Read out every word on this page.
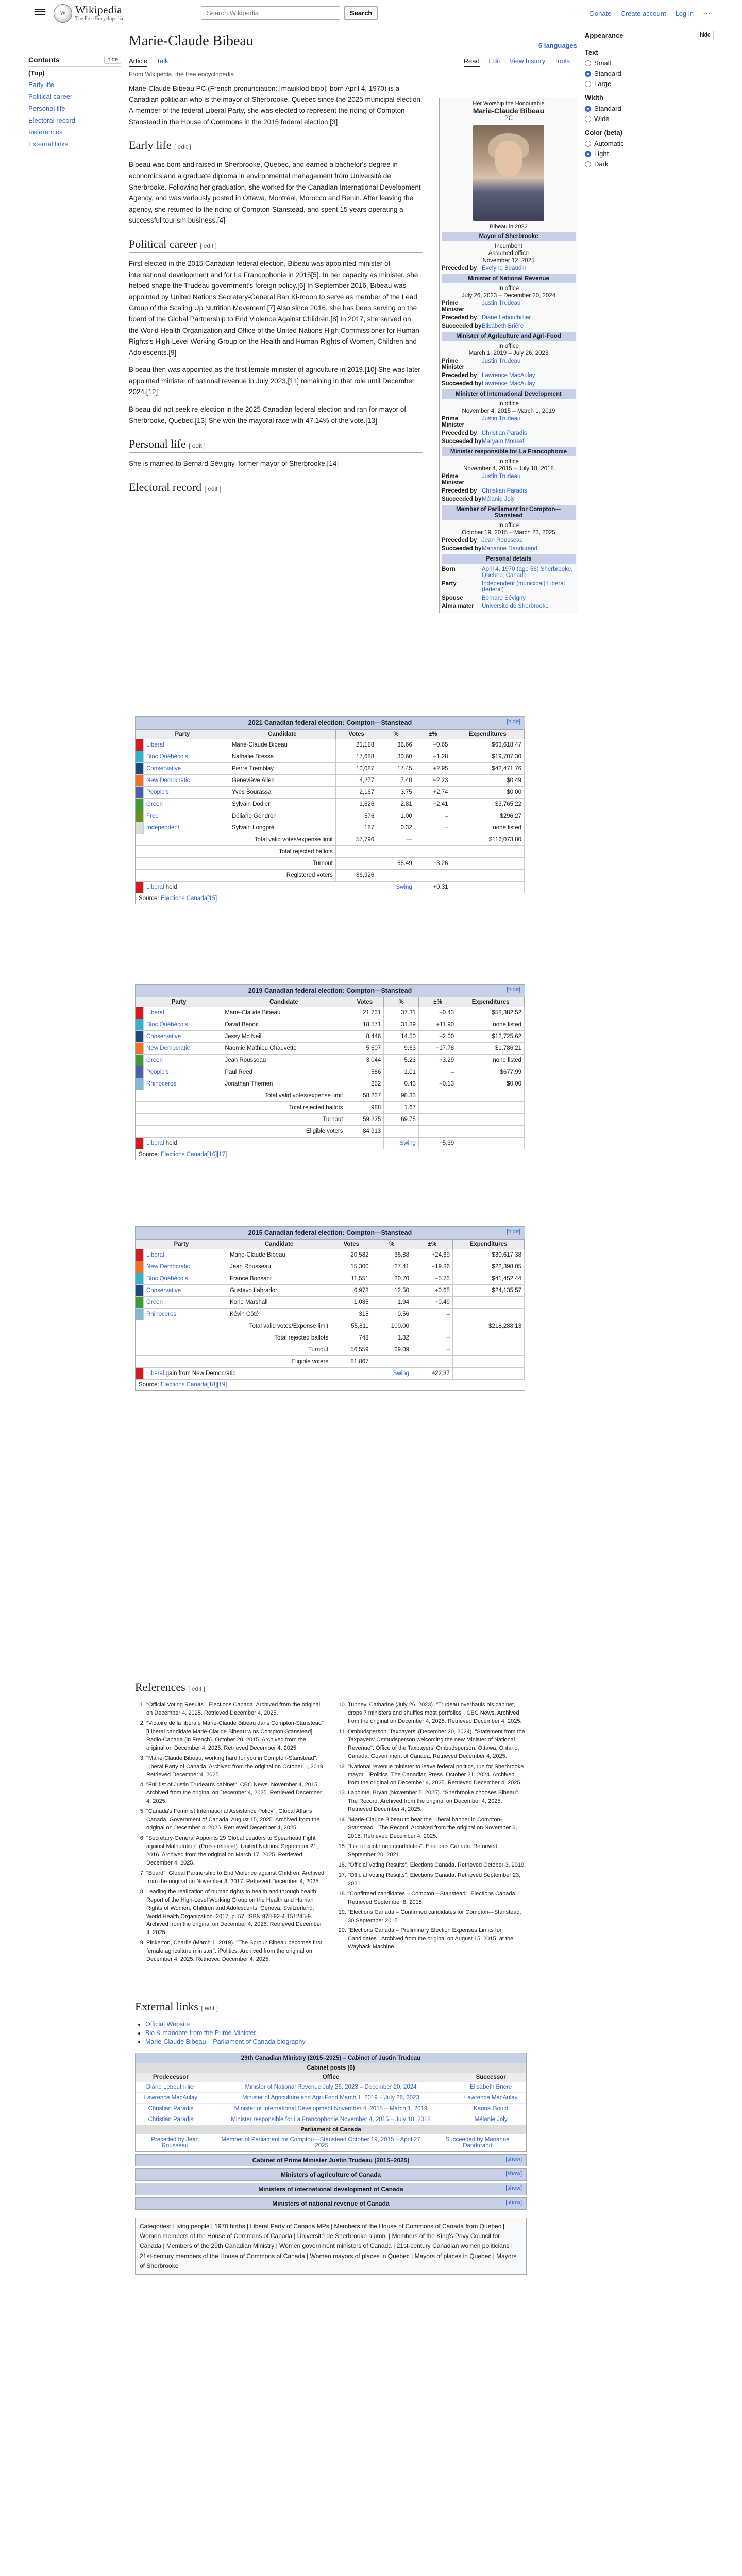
W Wikipedia
The Free Encyclopedia
Search Wikipedia
Search	Donate Create account Log in ⋯
Contents	hide
(Top)
Early life
Political career
Personal life
Electoral record
References
External links
Appearance	hide
Text
Small
Standard
Large
Width
Standard
Wide
Color (beta)
Automatic
Light
Dark
Marie-Claude Bibeau	5 languages
Article Talk	Read Edit View history Tools
From Wikipedia, the free encyclopedia

Marie-Claude Bibeau PC (French pronunciation: [maʁiklod bibo]; born April 4, 1970) is a Canadian politician who is the mayor of Sherbrooke, Quebec since the 2025 municipal election. A member of the federal Liberal Party, she was elected to represent the riding of Compton—Stanstead in the House of Commons in the 2015 federal election.[3]

Early life [ edit ]

Bibeau was born and raised in Sherbrooke, Quebec, and earned a bachelor's degree in economics and a graduate diploma in environmental management from Université de Sherbrooke. Following her graduation, she worked for the Canadian International Development Agency, and was variously posted in Ottawa, Montréal, Morocco and Benin. After leaving the agency, she returned to the riding of Compton-Stanstead, and spent 15 years operating a successful tourism business.[4]

Political career [ edit ]

First elected in the 2015 Canadian federal election, Bibeau was appointed minister of international development and for La Francophonie in 2015[5]. In her capacity as minister, she helped shape the Trudeau government's foreign policy.[6] In September 2016, Bibeau was appointed by United Nations Secretary-General Ban Ki-moon to serve as member of the Lead Group of the Scaling Up Nutrition Movement.[7] Also since 2016, she has been serving on the board of the Global Partnership to End Violence Against Children.[8] In 2017, she served on the World Health Organization and Office of the United Nations High Commissioner for Human Rights's High-Level Working Group on the Health and Human Rights of Women, Children and Adolescents.[9]

Bibeau then was appointed as the first female minister of agriculture in 2019.[10] She was later appointed minister of national revenue in July 2023,[11] remaining in that role until December 2024.[12]

Bibeau did not seek re-election in the 2025 Canadian federal election and ran for mayor of Sherbrooke, Quebec.[13] She won the mayoral race with 47.14% of the vote.[13]

Personal life [ edit ]

She is married to Bernard Sévigny, former mayor of Sherbrooke.[14]

Electoral record [ edit ]
Her Worship the Honourable
Marie-Claude Bibeau
PC
Bibeau in 2022
Mayor of Sherbrooke
Incumbent
Assumed office
November 12, 2025
Preceded by Évelyne Beaudin
Minister of National Revenue
In office
July 26, 2023 – December 20, 2024
Prime Minister
Justin Trudeau
Preceded by Diane Lebouthillier
Succeeded by Elisabeth Brière
Minister of Agriculture and Agri-Food
In office
March 1, 2019 – July 26, 2023
Prime Minister
Justin Trudeau
Preceded by Lawrence MacAulay
Succeeded by Lawrence MacAulay
Minister of International Development
In office
November 4, 2015 – March 1, 2019
Prime Minister
Justin Trudeau
Preceded by Christian Paradis
Succeeded by Maryam Monsef
Minister responsible for La Francophonie
In office
November 4, 2015 – July 18, 2018
Prime Minister
Justin Trudeau
Preceded by Christian Paradis
Succeeded by Mélanie Joly
Member of Parliament for Compton—Stanstead
In office
October 19, 2015 – March 23, 2025
Preceded by Jean Rousseau
Succeeded by Marianne Dandurand
Personal details
Born	April 4, 1970 (age 56) Sherbrooke, Quebec, Canada
Party	Independent (municipal) Liberal (federal)
Spouse	Bernard Sévigny
Alma mater	Université de Sherbrooke
2021 Canadian federal election: Compton—Stanstead	[hide]
Party		Candidate	Votes	%	±%	Expenditures
	Liberal	Marie-Claude Bibeau	21,188	36.66	−0.65	$63,618.47
	Bloc Québécois	Nathalie Bresse	17,688	30.60	−1.28	$19,787.30
	Conservative	Pierre Tremblay	10,087	17.45	+2.95	$42,471.76
	New Democratic	Geneviève Allen	4,277	7.40	−2.23	$0.49
	People's	Yves Bourassa	2,167	3.75	+2.74	$0.00
	Green	Sylvain Dodier	1,626	2.81	−2.41	$3,765.22
	Free	Déliane Gendron	576	1.00	–	$296.27
	Independent	Sylvain Longpré	187	0.32	–	none listed
Total valid votes/expense limit			57,796	—		$116,073.80
Total rejected ballots						
Turnout				66.49	−3.26	
Registered voters			86,926			
	Liberal hold			Swing	+0.31	
Source: Elections Canada[15]
2019 Canadian federal election: Compton—Stanstead	[hide]
Party		Candidate	Votes	%	±%	Expenditures
	Liberal	Marie-Claude Bibeau	21,731	37.31	+0.43	$58,382.52
	Bloc Québécois	David Benoît	18,571	31.89	+11.90	none listed
	Conservative	Jessy Mc Neil	8,446	14.50	+2.00	$12,725.62
	New Democratic	Naomie Mathieu Chauvette	5,607	9.63	−17.78	$1,786.21
	Green	Jean Rousseau	3,044	5.23	+3.29	none listed
	People's	Paul Reed	586	1.01	–	$677.99
	Rhinoceros	Jonathan Therrien	252	0.43	−0.13	$0.00
Total valid votes/expense limit			58,237	98.33		
Total rejected ballots			988	1.67		
Turnout			59,225	69.75		
Eligible voters			84,913			
	Liberal hold			Swing	−5.39	
Source: Elections Canada[16][17]
2015 Canadian federal election: Compton—Stanstead	[hide]
Party		Candidate	Votes	%	±%	Expenditures
	Liberal	Marie-Claude Bibeau	20,582	36.88	+24.69	$30,617.38
	New Democratic	Jean Rousseau	15,300	27.41	−19.86	$22,398.05
	Bloc Québécois	France Bonsant	11,551	20.70	−5.73	$41,452.44
	Conservative	Gustavo Labrador	6,978	12.50	+0.65	$24,135.57
	Green	Korie Marshall	1,085	1.94	−0.49	
	Rhinoceros	Kévin Côté	315	0.56	–	
Total valid votes/Expense limit			55,811	100.00		$218,288.13
Total rejected ballots			748	1.32	–	
Turnout			56,559	69.09	–	
Eligible voters			81,867			
	Liberal gain from New Democratic			Swing	+22.37	
Source: Elections Canada[18][19]
References [ edit ]
1. "Official Voting Results". Elections Canada. Archived from the original on December 4, 2025. Retrieved December 4, 2025.
2. "Victoire de la libérale Marie-Claude Bibeau dans Compton-Stanstead" [Liberal candidate Marie-Claude Bibeau wins Compton-Stanstead]. Radio-Canada (in French). October 20, 2015. Archived from the original on December 4, 2025. Retrieved December 4, 2025.
3. "Marie-Claude Bibeau, working hard for you in Compton-Stanstead". Liberal Party of Canada. Archived from the original on October 1, 2019. Retrieved December 4, 2025.
4. "Full list of Justin Trudeau's cabinet". CBC News. November 4, 2015. Archived from the original on December 4, 2025. Retrieved December 4, 2025.
5. "Canada's Feminist International Assistance Policy". Global Affairs Canada. Government of Canada. August 15, 2025. Archived from the original on December 4, 2025. Retrieved December 4, 2025.
6. "Secretary-General Appoints 29 Global Leaders to Spearhead Fight against Malnutrition" (Press release). United Nations. September 21, 2016. Archived from the original on March 17, 2025. Retrieved December 4, 2025.
7. "Board". Global Partnership to End Violence against Children. Archived from the original on November 3, 2017. Retrieved December 4, 2025.
8. Leading the realization of human rights to health and through health: Report of the High-Level Working Group on the Health and Human Rights of Women, Children and Adolescents. Geneva, Switzerland: World Health Organization. 2017. p. 57. ISBN 978-92-4-151245-9. Archived from the original on December 4, 2025. Retrieved December 4, 2025.
9. Pinkerton, Charlie (March 1, 2019). "The Sproul: Bibeau becomes first female agriculture minister". iPolitics. Archived from the original on December 4, 2025. Retrieved December 4, 2025.
10. Tunney, Catharine (July 26, 2023). "Trudeau overhauls his cabinet, drops 7 ministers and shuffles most portfolios". CBC News. Archived from the original on December 4, 2025. Retrieved December 4, 2025.
11. Ombudsperson, Taxpayers' (December 20, 2024). "Statement from the Taxpayers' Ombudsperson welcoming the new Minister of National Revenue". Office of the Taxpayers' Ombudsperson. Ottawa, Ontario, Canada: Government of Canada. Retrieved December 4, 2025.
12. "National revenue minister to leave federal politics, run for Sherbrooke mayor". iPolitics. The Canadian Press. October 21, 2024. Archived from the original on December 4, 2025. Retrieved December 4, 2025.
13. Lapointe, Bryan (November 5, 2025). "Sherbrooke chooses Bibeau". The Record. Archived from the original on December 4, 2025. Retrieved December 4, 2025.
14. "Marie-Claude Bibeau to bear the Liberal banner in Compton-Stanstead". The Record. Archived from the original on November 6, 2015. Retrieved December 4, 2025.
15. "List of confirmed candidates". Elections Canada. Retrieved September 20, 2021.
16. "Official Voting Results". Elections Canada. Retrieved October 3, 2019.
17. "Official Voting Results". Elections Canada. Retrieved September 23, 2021.
18. "Confirmed candidates – Compton—Stanstead". Elections Canada. Retrieved September 8, 2015.
19. "Elections Canada – Confirmed candidates for Compton—Stanstead, 30 September 2015".
20. "Elections Canada – Preliminary Election Expenses Limits for Candidates". Archived from the original on August 15, 2015, at the Wayback Machine.
External links [ edit ]
• Official Website
• Bio & mandate from the Prime Minister
• Marie-Claude Bibeau – Parliament of Canada biography
29th Canadian Ministry (2015–2025) – Cabinet of Justin Trudeau
Cabinet posts (6)
Predecessor	Office	Successor
Diane Lebouthillier	Minister of National Revenue July 26, 2023 – December 20, 2024	Elisabeth Brière
Lawrence MacAulay	Minister of Agriculture and Agri-Food March 1, 2019 – July 26, 2023	Lawrence MacAulay
Christian Paradis	Minister of International Development November 4, 2015 – March 1, 2019	Karina Gould
Christian Paradis	Minister responsible for La Francophonie November 4, 2015 – July 18, 2018	Mélanie Joly
Parliament of Canada
Preceded by Jean Rousseau	Member of Parliament for Compton—Stanstead October 19, 2015 – April 27, 2025	Succeeded by Marianne Dandurand
Cabinet of Prime Minister Justin Trudeau (2015–2025)	[show]
Ministers of agriculture of Canada	[show]
Ministers of international development of Canada	[show]
Ministers of national revenue of Canada	[show]
Categories: Living people | 1970 births | Liberal Party of Canada MPs | Members of the House of Commons of Canada from Quebec | Women members of the House of Commons of Canada | Université de Sherbrooke alumni | Members of the King's Privy Council for Canada | Members of the 29th Canadian Ministry | Women government ministers of Canada | 21st-century Canadian women politicians | 21st-century members of the House of Commons of Canada | Women mayors of places in Quebec | Mayors of places in Quebec | Mayors of Sherbrooke
